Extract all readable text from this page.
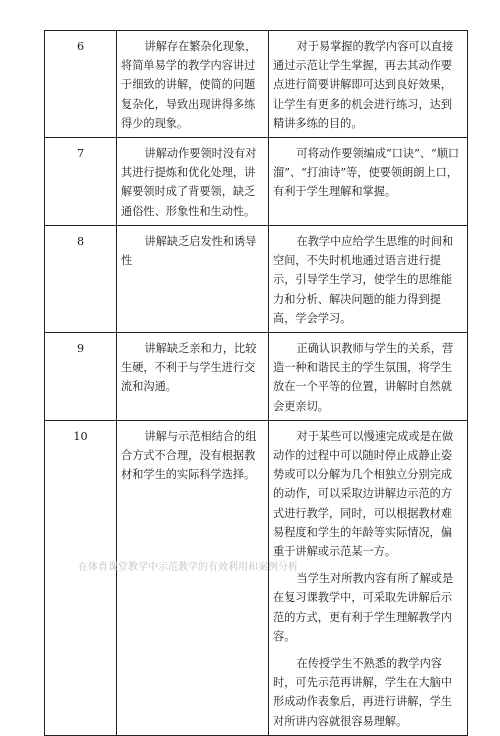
6	讲解存在繁杂化现象，将简单易学的教学内容讲过于细致的讲解，使简的问题复杂化，导致出现讲得多练得少的现象。	对于易掌握的教学内容可以直接通过示范让学生掌握，再去其动作要点进行简要讲解即可达到良好效果，让学生有更多的机会进行练习，达到精讲多练的目的。

7	讲解动作要领时没有对其进行提炼和优化处理，讲解要领时成了背要领，缺乏通俗性、形象性和生动性。	可将动作要领编成“口诀”、“顺口溜”、“打油诗”等，使要领朗朗上口，有利于学生理解和掌握。

8	讲解缺乏启发性和诱导性	在教学中应给学生思维的时间和空间，不失时机地通过语言进行提示，引导学生学习，使学生的思维能力和分析、解决问题的能力得到提高，学会学习。

9	讲解缺乏亲和力，比较生硬，不利于与学生进行交流和沟通。	正确认识教师与学生的关系，营造一种和谐民主的学生氛围，将学生放在一个平等的位置，讲解时自然就会更亲切。

10	讲解与示范相结合的组合方式不合理，没有根据教材和学生的实际科学选择。	对于某些可以慢速完成或是在做动作的过程中可以随时停止成静止姿势或可以分解为几个相独立分别完成的动作，可以采取边讲解边示范的方式进行教学，同时，可以根据教材难易程度和学生的年龄等实际情况，偏重于讲解或示范某一方。

当学生对所教内容有所了解或是在复习课教学中，可采取先讲解后示范的方式，更有利于学生理解教学内容。

在传授学生不熟悉的教学内容时，可先示范再讲解，学生在大脑中形成动作表象后，再进行讲解，学生对所讲内容就很容易理解。

在体育课堂教学中示范教学的有效利用和案例分析
